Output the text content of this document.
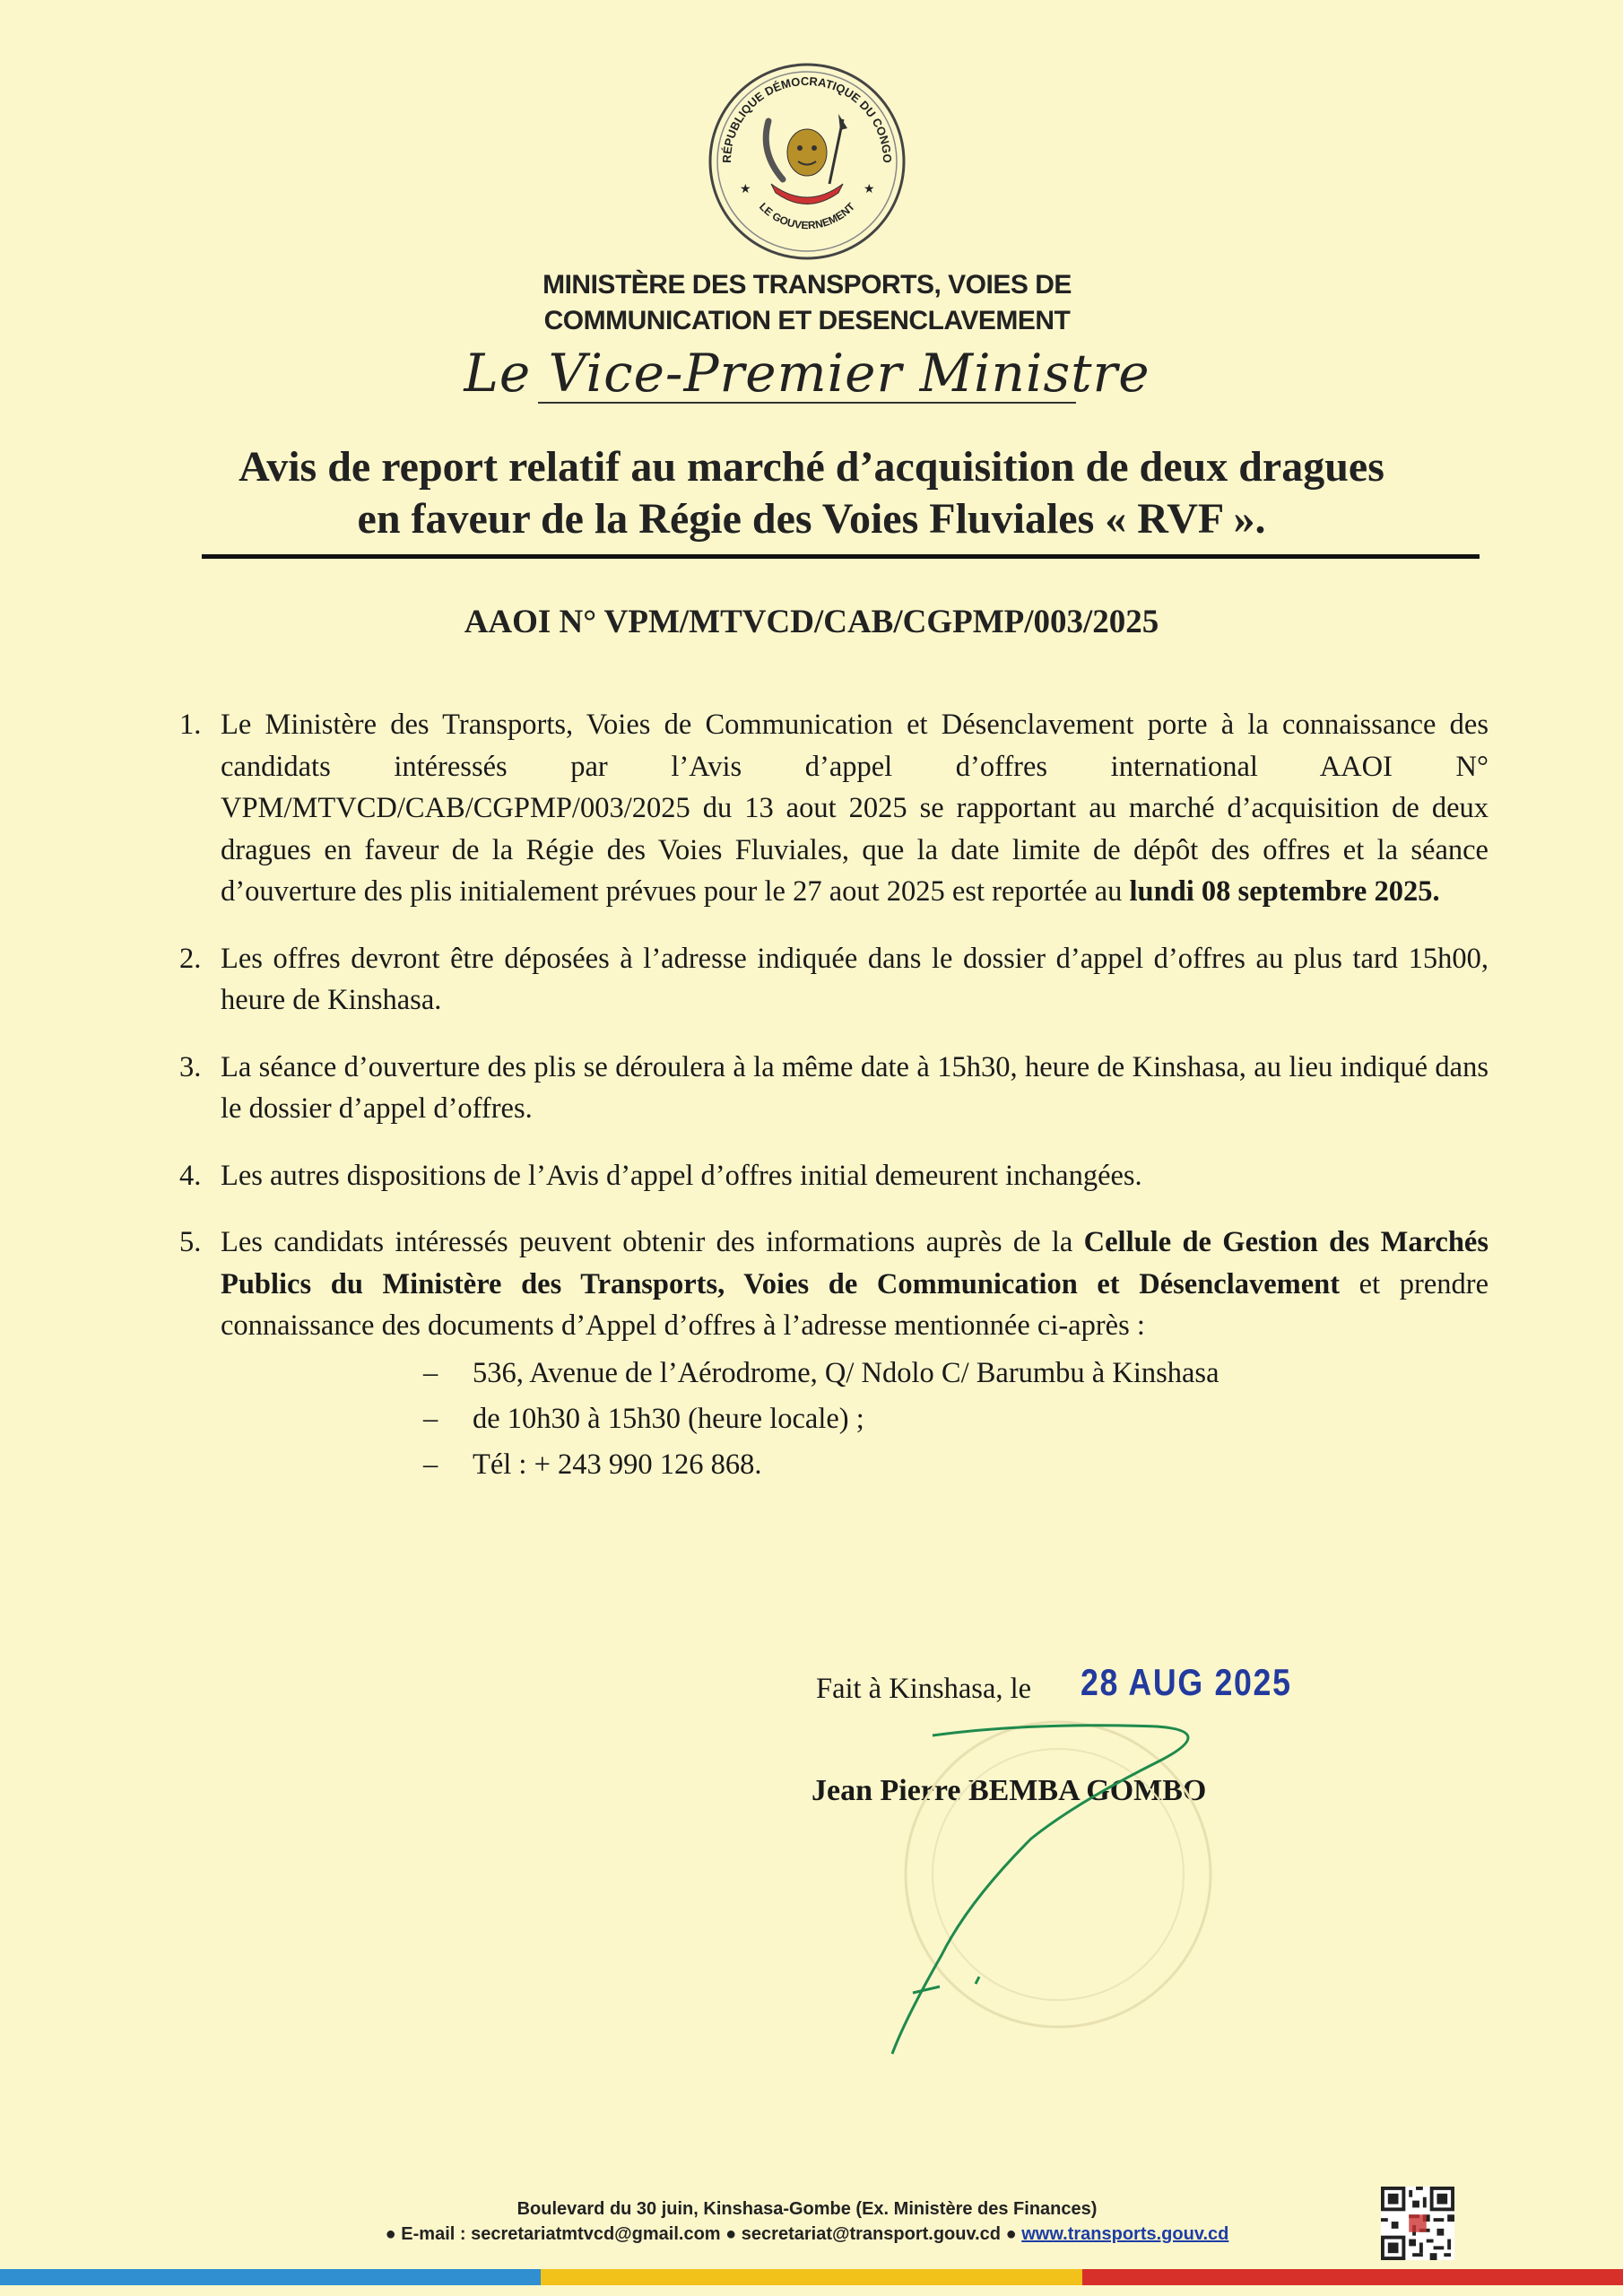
RÉPUBLIQUE DÉMOCRATIQUE DU CONGO
LE GOUVERNEMENT
★	★
MINISTÈRE DES TRANSPORTS, VOIES DE
COMMUNICATION ET DESENCLAVEMENT
Le Vice-Premier Ministre
Avis de report relatif au marché d’acquisition de deux dragues
en faveur de la Régie des Voies Fluviales « RVF ».
AAOI N° VPM/MTVCD/CAB/CGPMP/003/2025
1. Le Ministère des Transports, Voies de Communication et Désenclavement porte à la connaissance des candidats intéressés par l’Avis d’appel d’offres international AAOI N° VPM/MTVCD/CAB/CGPMP/003/2025 du 13 aout 2025 se rapportant au marché d’acquisition de deux dragues en faveur de la Régie des Voies Fluviales, que la date limite de dépôt des offres et la séance d’ouverture des plis initialement prévues pour le 27 aout 2025 est reportée au lundi 08 septembre 2025.
2. Les offres devront être déposées à l’adresse indiquée dans le dossier d’appel d’offres au plus tard 15h00, heure de Kinshasa.
3. La séance d’ouverture des plis se déroulera à la même date à 15h30, heure de Kinshasa, au lieu indiqué dans le dossier d’appel d’offres.
4. Les autres dispositions de l’Avis d’appel d’offres initial demeurent inchangées.
5. Les candidats intéressés peuvent obtenir des informations auprès de la Cellule de Gestion des Marchés Publics du Ministère des Transports, Voies de Communication et Désenclavement et prendre connaissance des documents d’Appel d’offres à l’adresse mentionnée ci-après :
–	536, Avenue de l’Aérodrome, Q/ Ndolo C/ Barumbu à Kinshasa
–	de 10h30 à 15h30 (heure locale) ;
–	Tél : + 243 990 126 868.
Fait à Kinshasa, le 28 AUG 2025
Jean Pierre BEMBA GOMBO
Boulevard du 30 juin, Kinshasa-Gombe (Ex. Ministère des Finances)
● E-mail : secretariatmtvcd@gmail.com ● secretariat@transport.gouv.cd ● www.transports.gouv.cd
